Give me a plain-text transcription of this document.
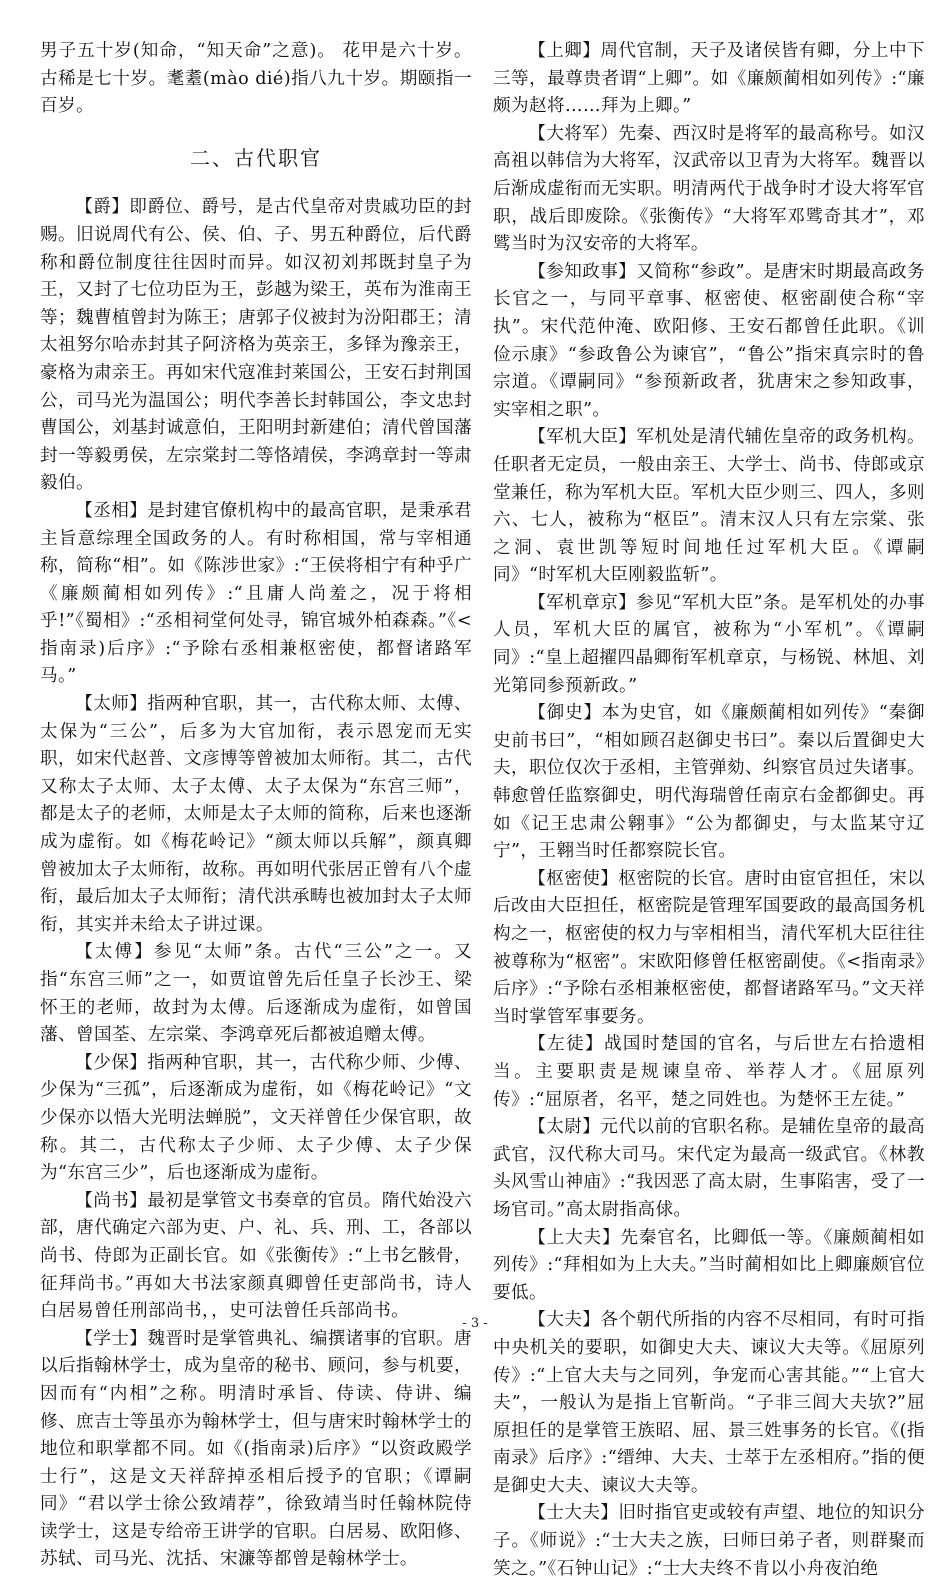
男子五十岁(知命，“知天命”之意)。 花甲是六十岁。古稀是七十岁。耄耋(mào dié)指八九十岁。期颐指一百岁。

二、古代职官

【爵】即爵位、爵号，是古代皇帝对贵戚功臣的封赐。旧说周代有公、侯、伯、子、男五种爵位，后代爵称和爵位制度往往因时而异。如汉初刘邦既封皇子为王，又封了七位功臣为王，彭越为梁王，英布为淮南王等；魏曹植曾封为陈王；唐郭子仪被封为汾阳郡王；清太祖努尔哈赤封其子阿济格为英亲王，多铎为豫亲王，豪格为肃亲王。再如宋代寇准封莱国公，王安石封荆国公，司马光为温国公；明代李善长封韩国公，李文忠封曹国公，刘基封诚意伯，王阳明封新建伯；清代曾国藩封一等毅勇侯，左宗棠封二等恪靖侯，李鸿章封一等肃毅伯。

【丞相】是封建官僚机构中的最高官职，是秉承君主旨意综理全国政务的人。有时称相国，常与宰相通称，简称“相”。如《陈涉世家》:“王侯将相宁有种乎广《廉颇蔺相如列传》:“且庸人尚羞之，况于将相乎!”《蜀相》:“丞相祠堂何处寻，锦官城外柏森森。”《<指南录)后序》:“予除右丞相兼枢密使，都督诸路军马。”

【太师】指两种官职，其一，古代称太师、太傅、太保为“三公”，后多为大官加衔，表示恩宠而无实职，如宋代赵普、文彦博等曾被加太师衔。其二，古代又称太子太师、太子太傅、太子太保为“东宫三师”，都是太子的老师，太师是太子太师的简称，后来也逐渐成为虚衔。如《梅花岭记》“颜太师以兵解”，颜真卿曾被加太子太师衔，故称。再如明代张居正曾有八个虚衔，最后加太子太师衔；清代洪承畴也被加封太子太师衔，其实并未给太子讲过课。

【太傅】参见“太师”条。古代“三公”之一。又指“东宫三师”之一，如贾谊曾先后任皇子长沙王、梁怀王的老师，故封为太傅。后逐渐成为虚衔，如曾国藩、曾国荃、左宗棠、李鸿章死后都被追赠太傅。

【少保】指两种官职，其一，古代称少师、少傅、少保为“三孤”，后逐渐成为虚衔，如《梅花岭记》“文少保亦以悟大光明法蝉脱”，文天祥曾任少保官职，故称。其二，古代称太子少师、太子少傅、太子少保为“东宫三少”，后也逐渐成为虚衔。

【尚书】最初是掌管文书奏章的官员。隋代始没六部，唐代确定六部为吏、户、礼、兵、刑、工，各部以尚书、侍郎为正副长官。如《张衡传》:“上书乞骸骨，征拜尚书。”再如大书法家颜真卿曾任吏部尚书，诗人白居易曾任刑部尚书，，史可法曾任兵部尚书。

【学士】魏晋时是掌管典礼、编撰诸事的官职。唐以后指翰林学士，成为皇帝的秘书、顾问，参与机要，因而有“内相”之称。明清时承旨、侍读、侍讲、编修、庶吉士等虽亦为翰林学士，但与唐宋时翰林学士的地位和职掌都不同。如《(指南录)后序》“以资政殿学士行”，这是文天祥辞掉丞相后授予的官职；《谭嗣同》“君以学士徐公致靖荐”，徐致靖当时任翰林院侍读学士，这是专给帝王讲学的官职。白居易、欧阳修、苏轼、司马光、沈括、宋濂等都曾是翰林学士。

【上卿】周代官制，天子及诸侯皆有卿，分上中下三等，最尊贵者谓“上卿”。如《廉颇蔺相如列传》:“廉颇为赵将……拜为上卿。”

【大将军）先秦、西汉时是将军的最高称号。如汉高祖以韩信为大将军，汉武帝以卫青为大将军。魏晋以后渐成虚衔而无实职。明清两代于战争时才设大将军官职，战后即废除。《张衡传》“大将军邓骘奇其才”，邓骘当时为汉安帝的大将军。

【参知政事】又简称“参政”。是唐宋时期最高政务长官之一，与同平章事、枢密使、枢密副使合称“宰执”。宋代范仲淹、欧阳修、王安石都曾任此职。《训俭示康》“参政鲁公为谏官”，“鲁公”指宋真宗时的鲁宗道。《谭嗣同》“参预新政者，犹唐宋之参知政事，实宰相之职”。

【军机大臣】军机处是清代辅佐皇帝的政务机构。任职者无定员，一般由亲王、大学士、尚书、侍郎或京堂兼任，称为军机大臣。军机大臣少则三、四人，多则六、七人，被称为“枢臣”。清末汉人只有左宗棠、张之洞、袁世凯等短时间地任过军机大臣。《谭嗣同》“时军机大臣刚毅监斩”。

【军机章京】参见“军机大臣”条。是军机处的办事人员，军机大臣的属官，被称为“小军机”。《谭嗣同》:“皇上超擢四晶卿衔军机章京，与杨锐、林旭、刘光第同参预新政。”

【御史】本为史官，如《廉颇蔺相如列传》“秦御史前书曰”，“相如顾召赵御史书曰”。秦以后置御史大夫，职位仅次于丞相，主管弹劾、纠察官员过失诸事。韩愈曾任监察御史，明代海瑞曾任南京右金都御史。再如《记王忠肃公翱事》“公为都御史，与太监某守辽宁”，王翱当时任都察院长官。

【枢密使】枢密院的长官。唐时由宦官担任，宋以后改由大臣担任，枢密院是管理军国要政的最高国务机构之一，枢密使的权力与宰相相当，清代军机大臣往往被尊称为“枢密”。宋欧阳修曾任枢密副使。《<指南录》后序》:“予除右丞相兼枢密使，都督诸路军马。”文天祥当时掌管军事要务。

【左徒】战国时楚国的官名，与后世左右拾遗相当。主要职责是规谏皇帝、举荐人才。《屈原列传》:“屈原者，名平，楚之同姓也。为楚怀王左徒。”

【太尉】元代以前的官职名称。是辅佐皇帝的最高武官，汉代称大司马。宋代定为最高一级武官。《林教头风雪山神庙》:“我因恶了高太尉，生事陷害，受了一场官司。”高太尉指高俅。

【上大夫】先秦官名，比卿低一等。《廉颇蔺相如列传》:“拜相如为上大夫。”当时蔺相如比上卿廉颇官位要低。

【大夫】各个朝代所指的内容不尽相同，有时可指中央机关的要职，如御史大夫、谏议大夫等。《屈原列传》:“上官大夫与之同列，争宠而心害其能。”“上官大夫”，一般认为是指上官靳尚。“子非三闾大夫欤?”屈原担任的是掌管王族昭、屈、景三姓事务的长官。《(指南录》后序》:“缙绅、大夫、士萃于左丞相府。”指的便是御史大夫、谏议大夫等。

【士大夫】旧时指官吏或较有声望、地位的知识分子。《师说》:“士大夫之族，曰师曰弟子者，则群聚而笑之。”《石钟山记》:“士大夫终不肯以小舟夜泊绝

- 3 -
